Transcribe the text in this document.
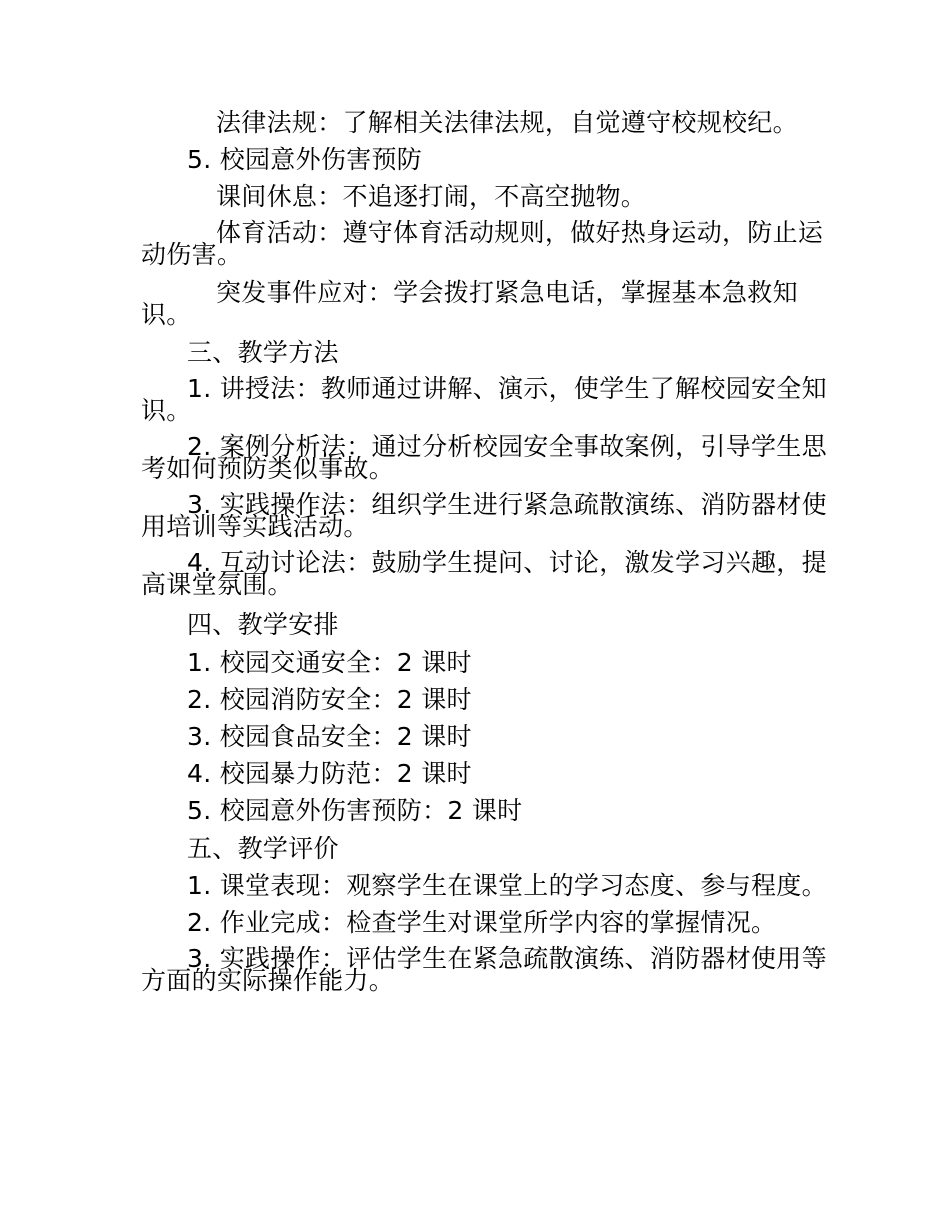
法律法规：了解相关法律法规，自觉遵守校规校纪。
5. 校园意外伤害预防
课间休息：不追逐打闹，不高空抛物。
体育活动：遵守体育活动规则，做好热身运动，防止运动伤害。
突发事件应对：学会拨打紧急电话，掌握基本急救知识。
三、教学方法
1. 讲授法：教师通过讲解、演示，使学生了解校园安全知识。
2. 案例分析法：通过分析校园安全事故案例，引导学生思考如何预防类似事故。
3. 实践操作法：组织学生进行紧急疏散演练、消防器材使用培训等实践活动。
4. 互动讨论法：鼓励学生提问、讨论，激发学习兴趣，提高课堂氛围。
四、教学安排
1. 校园交通安全：2 课时
2. 校园消防安全：2 课时
3. 校园食品安全：2 课时
4. 校园暴力防范：2 课时
5. 校园意外伤害预防：2 课时
五、教学评价
1. 课堂表现：观察学生在课堂上的学习态度、参与程度。
2. 作业完成：检查学生对课堂所学内容的掌握情况。
3. 实践操作：评估学生在紧急疏散演练、消防器材使用等方面的实际操作能力。
